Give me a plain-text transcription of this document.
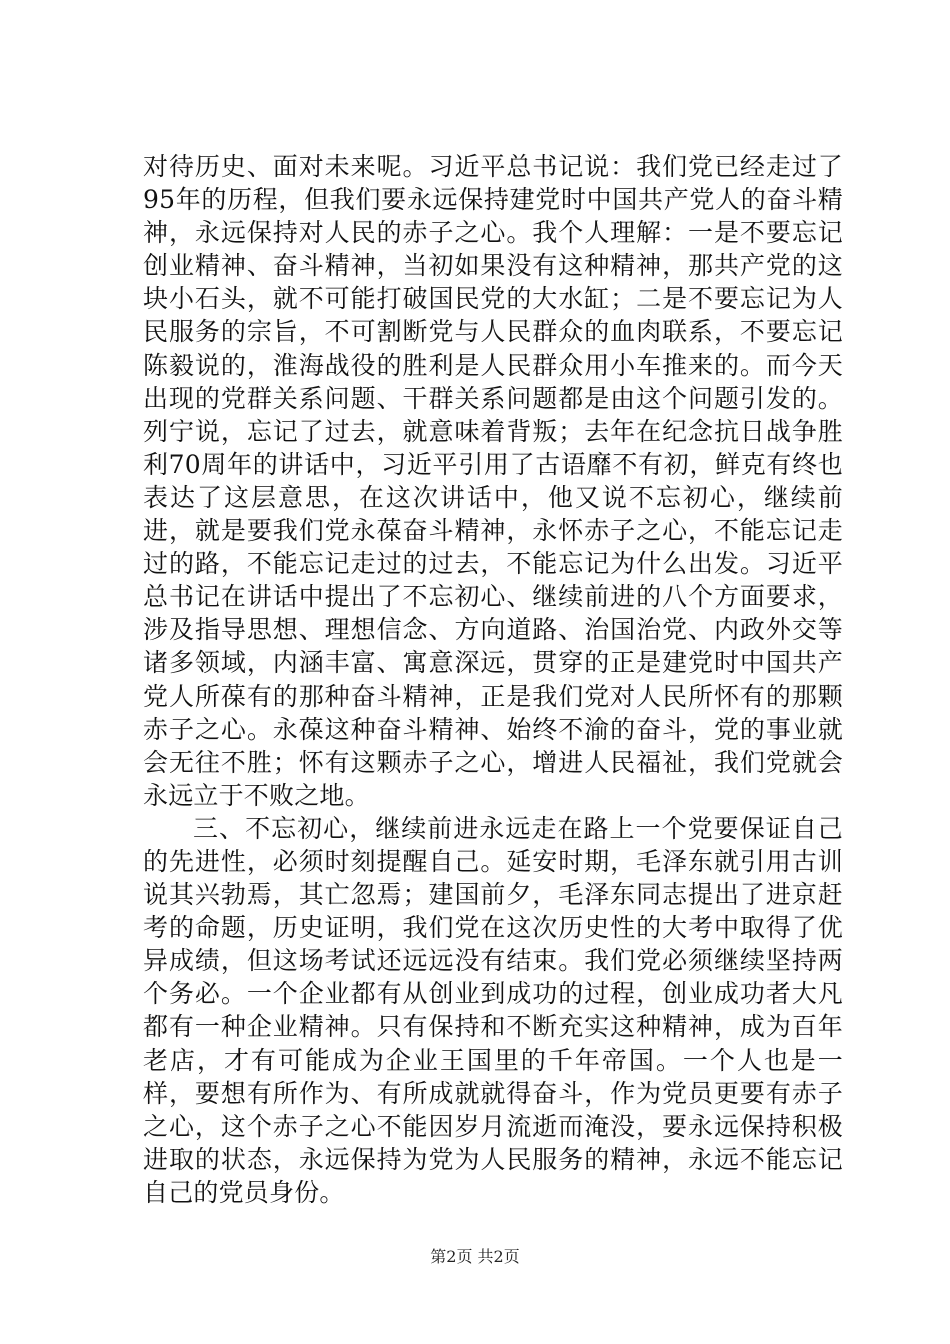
对待历史、面对未来呢。习近平总书记说：我们党已经走过了95年的历程，但我们要永远保持建党时中国共产党人的奋斗精神，永远保持对人民的赤子之心。我个人理解：一是不要忘记创业精神、奋斗精神，当初如果没有这种精神，那共产党的这块小石头，就不可能打破国民党的大水缸；二是不要忘记为人民服务的宗旨，不可割断党与人民群众的血肉联系，不要忘记陈毅说的，淮海战役的胜利是人民群众用小车推来的。而今天出现的党群关系问题、干群关系问题都是由这个问题引发的。列宁说，忘记了过去，就意味着背叛；去年在纪念抗日战争胜利70周年的讲话中，习近平引用了古语靡不有初，鲜克有终也表达了这层意思，在这次讲话中，他又说不忘初心，继续前进，就是要我们党永葆奋斗精神，永怀赤子之心，不能忘记走过的路，不能忘记走过的过去，不能忘记为什么出发。习近平总书记在讲话中提出了不忘初心、继续前进的八个方面要求，涉及指导思想、理想信念、方向道路、治国治党、内政外交等诸多领域，内涵丰富、寓意深远，贯穿的正是建党时中国共产党人所葆有的那种奋斗精神，正是我们党对人民所怀有的那颗赤子之心。永葆这种奋斗精神、始终不渝的奋斗，党的事业就会无往不胜；怀有这颗赤子之心，增进人民福祉，我们党就会永远立于不败之地。

三、不忘初心，继续前进永远走在路上一个党要保证自己的先进性，必须时刻提醒自己。延安时期，毛泽东就引用古训说其兴勃焉，其亡忽焉；建国前夕，毛泽东同志提出了进京赶考的命题，历史证明，我们党在这次历史性的大考中取得了优异成绩，但这场考试还远远没有结束。我们党必须继续坚持两个务必。一个企业都有从创业到成功的过程，创业成功者大凡都有一种企业精神。只有保持和不断充实这种精神，成为百年老店，才有可能成为企业王国里的千年帝国。一个人也是一样，要想有所作为、有所成就就得奋斗，作为党员更要有赤子之心，这个赤子之心不能因岁月流逝而淹没，要永远保持积极进取的状态，永远保持为党为人民服务的精神，永远不能忘记自己的党员身份。

第2页 共2页
